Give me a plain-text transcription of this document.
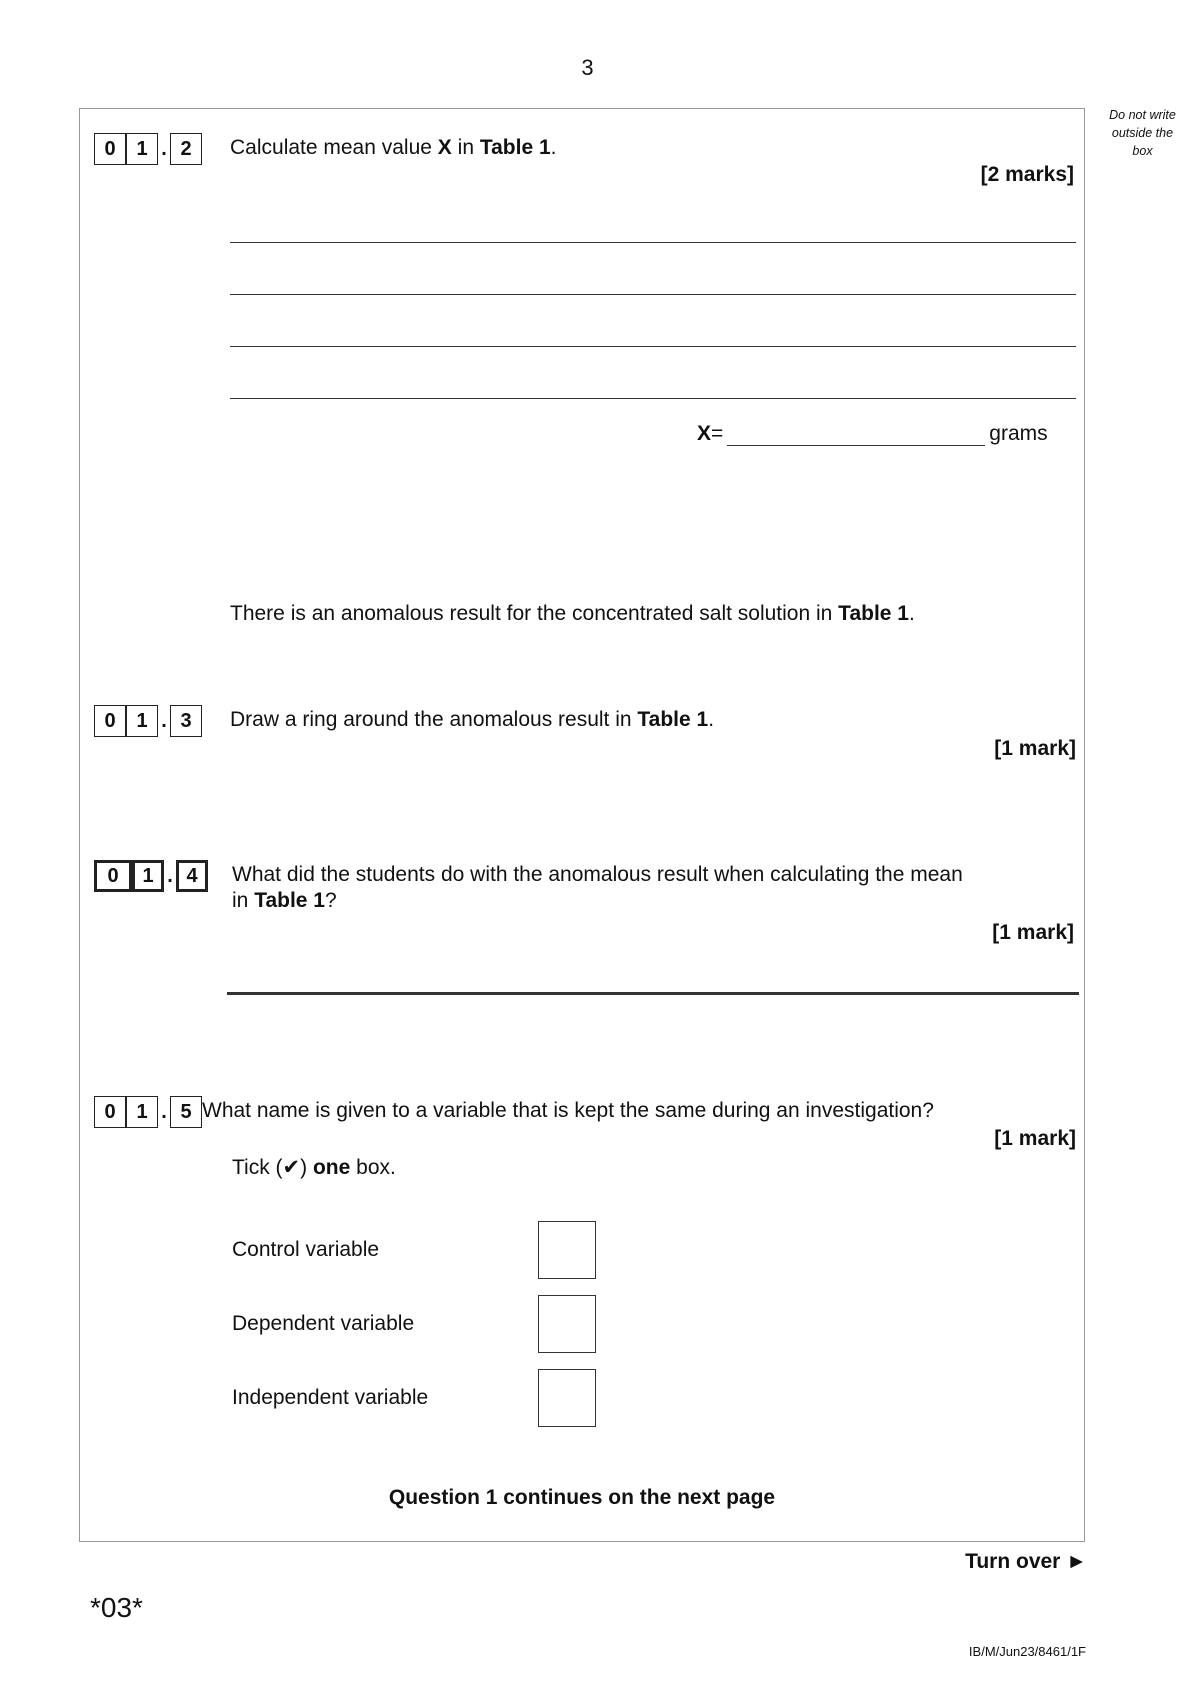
3
Do not write
outside the
box
0	1 . 2	Calculate mean value X in Table 1.
[2 marks]
X =	grams
There is an anomalous result for the concentrated salt solution in Table 1.
0	1 . 3	Draw a ring around the anomalous result in Table 1.
[1 mark]
0	1 . 4	What did the students do with the anomalous result when calculating the mean
in Table 1?
[1 mark]
0	1 . 5 What name is given to a variable that is kept the same during an investigation?
[1 mark]
Tick (✔) one box.
Control variable
Dependent variable
Independent variable
Question 1 continues on the next page
Turn over ►
*03*
IB/M/Jun23/8461/1F
